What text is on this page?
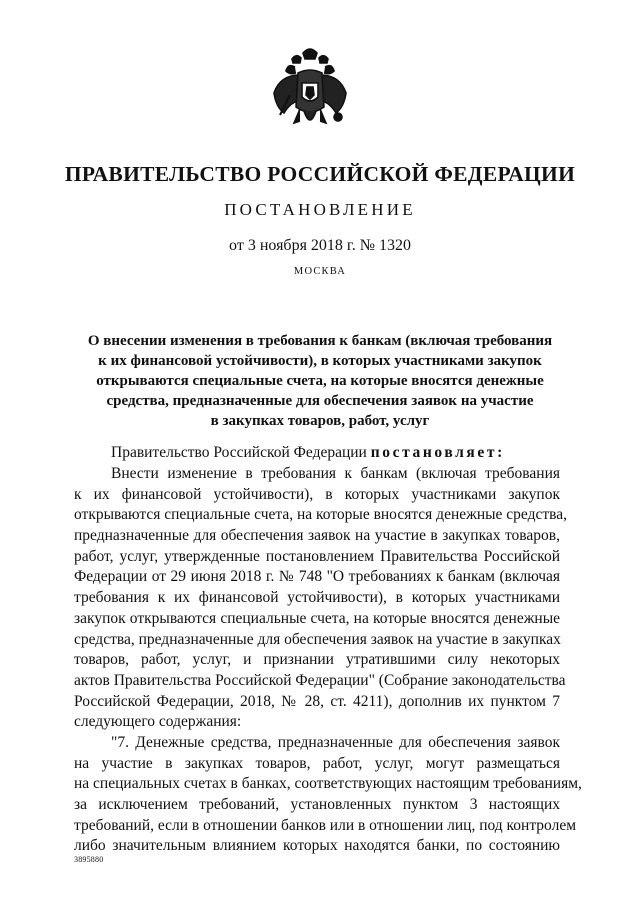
ПРАВИТЕЛЬСТВО РОССИЙСКОЙ ФЕДЕРАЦИИ
ПОСТАНОВЛЕНИЕ
от 3 ноября 2018 г. № 1320
МОСКВА
О внесении изменения в требования к банкам (включая требования
к их финансовой устойчивости), в которых участниками закупок
открываются специальные счета, на которые вносятся денежные
средства, предназначенные для обеспечения заявок на участие
в закупках товаров, работ, услуг
Правительство Российской Федерации постановляет:
Внести изменение в требования к банкам (включая требования
к их финансовой устойчивости), в которых участниками закупок
открываются специальные счета, на которые вносятся денежные средства,
предназначенные для обеспечения заявок на участие в закупках товаров,
работ, услуг, утвержденные постановлением Правительства Российской
Федерации от 29 июня 2018 г. № 748 "О требованиях к банкам (включая
требования к их финансовой устойчивости), в которых участниками
закупок открываются специальные счета, на которые вносятся денежные
средства, предназначенные для обеспечения заявок на участие в закупках
товаров, работ, услуг, и признании утратившими силу некоторых
актов Правительства Российской Федерации" (Собрание законодательства
Российской Федерации, 2018, № 28, ст. 4211), дополнив их пунктом 7
следующего содержания:
"7. Денежные средства, предназначенные для обеспечения заявок
на участие в закупках товаров, работ, услуг, могут размещаться
на специальных счетах в банках, соответствующих настоящим требованиям,
за исключением требований, установленных пунктом 3 настоящих
требований, если в отношении банков или в отношении лиц, под контролем
либо значительным влиянием которых находятся банки, по состоянию
3895880
